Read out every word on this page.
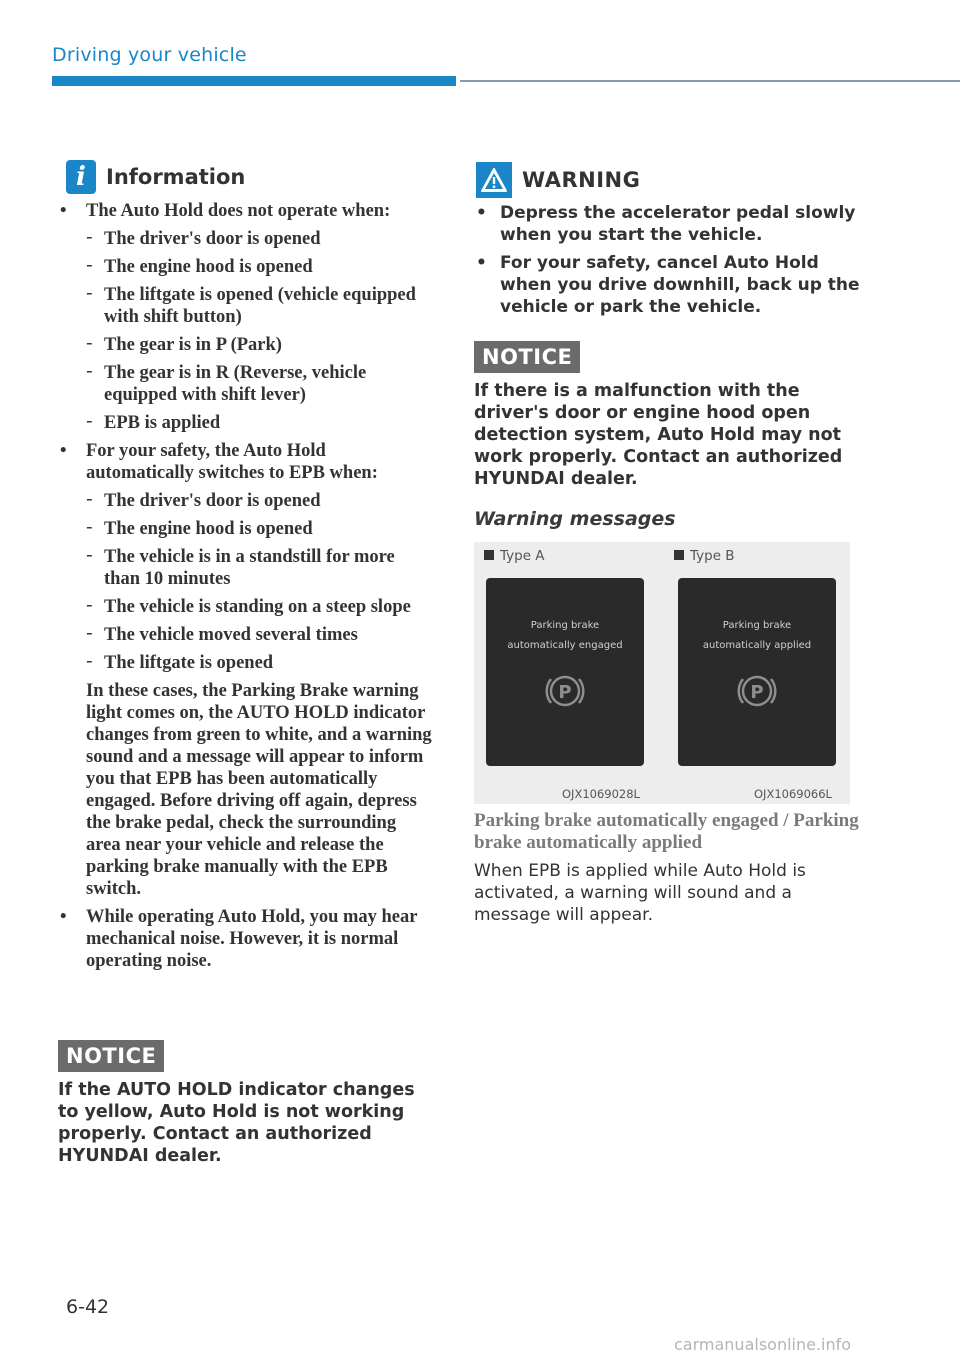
Driving your vehicle
i Information
• The Auto Hold does not operate when:
- The driver's door is opened
- The engine hood is opened
- The liftgate is opened (vehicle equipped with shift button)
- The gear is in P (Park)
- The gear is in R (Reverse, vehicle equipped with shift lever)
- EPB is applied
• For your safety, the Auto Hold automatically switches to EPB when:
- The driver's door is opened
- The engine hood is opened
- The vehicle is in a standstill for more than 10 minutes
- The vehicle is standing on a steep slope
- The vehicle moved several times
- The liftgate is opened
In these cases, the Parking Brake warning light comes on, the AUTO HOLD indicator changes from green to white, and a warning sound and a message will appear to inform you that EPB has been automatically engaged. Before driving off again, depress the brake pedal, check the surrounding area near your vehicle and release the parking brake manually with the EPB switch.
• While operating Auto Hold, you may hear mechanical noise. However, it is normal operating noise.
NOTICE
If the AUTO HOLD indicator changes to yellow, Auto Hold is not working properly. Contact an authorized HYUNDAI dealer.
WARNING
• Depress the accelerator pedal slowly when you start the vehicle.
• For your safety, cancel Auto Hold when you drive downhill, back up the vehicle or park the vehicle.
NOTICE
If there is a malfunction with the driver's door or engine hood open detection system, Auto Hold may not work properly. Contact an authorized HYUNDAI dealer.
Warning messages
Type A	Type B
Parking brake
automatically engaged
P
Parking brake
automatically applied
P
OJX1069028L	OJX1069066L
Parking brake automatically engaged / Parking brake automatically applied
When EPB is applied while Auto Hold is activated, a warning will sound and a message will appear.
6-42
carmanualsonline.info
